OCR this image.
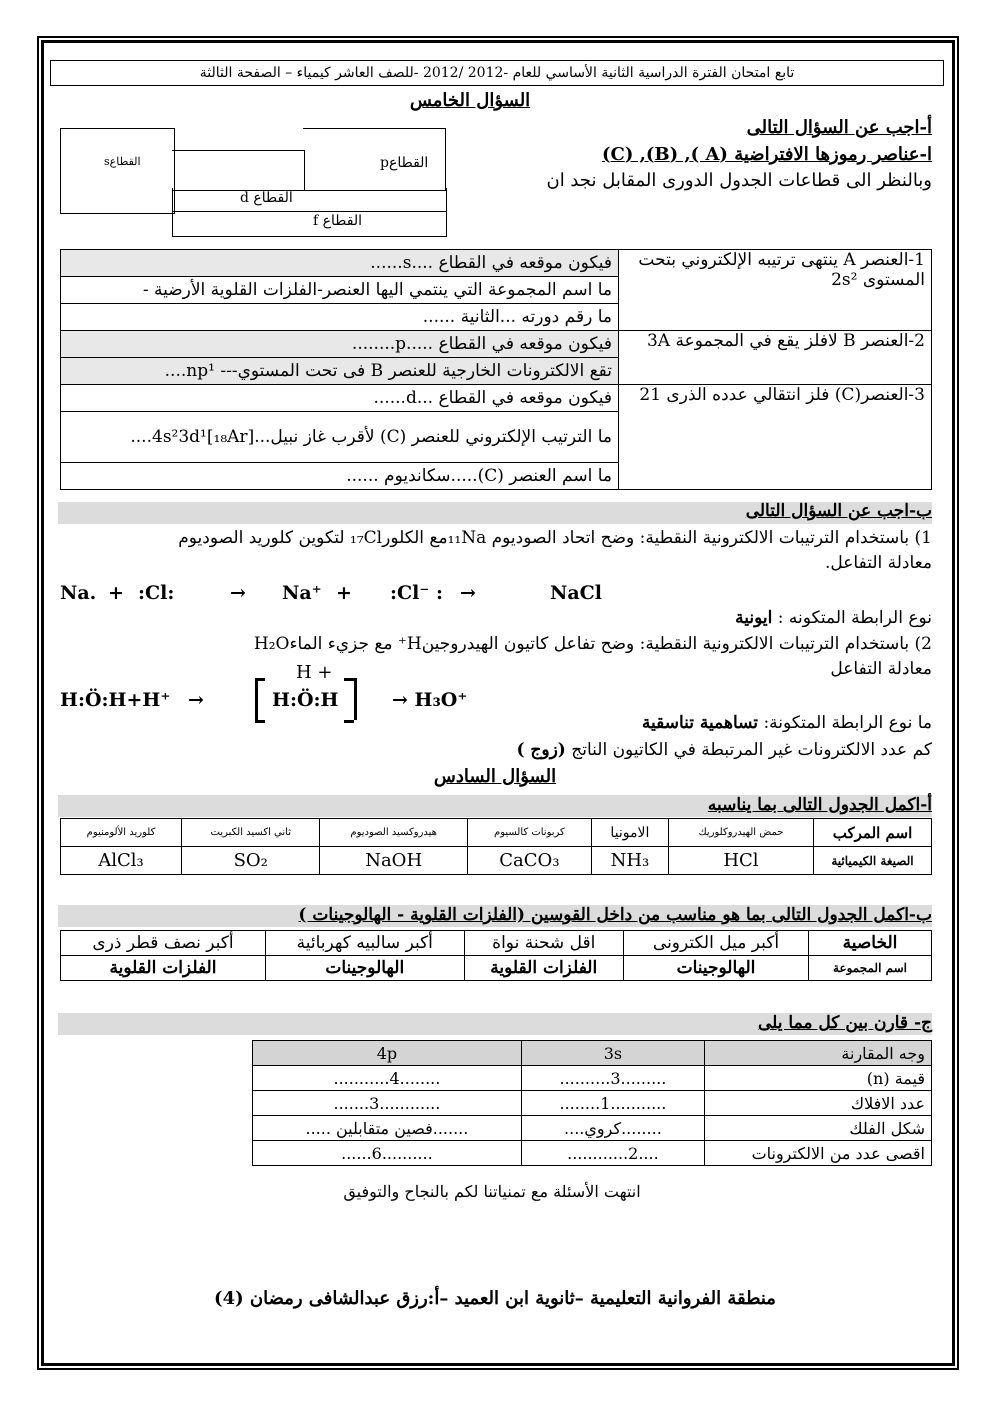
تابع امتحان الفترة الدراسية الثانية الأساسي للعام -2012 /2012 -للصف العاشر كيمياء – الصفحة الثالثة
السؤال الخامس
أ-اجب عن السؤال التالى
ا-عناصر رموزها الافتراضية (A ), (B), (C)
وبالنظر الى قطاعات الجدول الدورى المقابل نجد ان
القطاعs	القطاعp
القطاع d
القطاع f
1-العنصر A ينتهى ترتيبه الإلكتروني بتحت المستوى 2s²	فيكون موقعه في القطاع ....s......
	ما اسم المجموعة التي ينتمي اليها العنصر-الفلزات القلوية الأرضية -
	ما رقم دورته ...الثانية ......
2-العنصر B لافلز يقع في المجموعة 3A	فيكون موقعه في القطاع .....p........
	تقع الالكترونات الخارجية للعنصر B فى تحت المستوي--- np¹....
3-العنصر(C) فلز انتقالي عدده الذرى 21	فيكون موقعه في القطاع ...d......
	ما الترتيب الإلكتروني للعنصر (C) لأقرب غاز نبيل...[₁₈Ar]4s²3d¹....
	ما اسم العنصر (C).....سكانديوم ......
ب-اجب عن السؤال التالى
1) باستخدام الترتيبات الالكترونية النقطية: وضح اتحاد الصوديوم ₁₁Naمع الكلور₁₇Cl لتكوين كلوريد الصوديوم
معادلة التفاعل.
Na. + :Cl:	→ Na⁺ + :Cl⁻ : →	NaCl
نوع الرابطة المتكونه : ايونية
2) باستخدام الترتيبات الالكترونية النقطية: وضح تفاعل كاتيون الهيدروجينH⁺ مع جزيء الماءH₂O
معادلة التفاعل
H:Ö:H+H⁺ →
H +
H:Ö:H	→ H₃O⁺
ما نوع الرابطة المتكونة: تساهمية تناسقية
كم عدد الالكترونات غير المرتبطة في الكاتيون الناتج (زوج )
السؤال السادس
أ-اكمل الجدول التالى بما يناسبه
اسم المركب	حمض الهيدروكلوريك	الامونيا	كربونات كالسيوم	هيدروكسيد الصوديوم	ثاني اكسيد الكبريت	كلوريد الألومنيوم
الصيغة الكيميائية	HCl	NH₃	CaCO₃	NaOH	SO₂	AlCl₃
ب-اكمل الجدول التالى بما هو مناسب من داخل القوسين (الفلزات القلوية - الهالوجينات )
الخاصية	أكبر ميل الكترونى	اقل شحنة نواة	أكبر سالبيه كهربائية	أكبر نصف قطر ذرى
اسم المجموعة	الهالوجينات	الفلزات القلوية	الهالوجينات	الفلزات القلوية
ج- قارن بين كل مما يلى
وجه المقارنة	3s	4p
قيمة (n)	.........3..........	........4...........
عدد الافلاك	...........1........	............3.......
شكل الفلك	........كروي....	.......فصين متقابلين .....
اقصى عدد من الالكترونات	....2............	..........6......
انتهت الأسئلة مع تمنياتنا لكم بالنجاح والتوفيق
منطقة الفروانية التعليمية –ثانوية ابن العميد –أ:رزق عبدالشافى رمضان (4)
